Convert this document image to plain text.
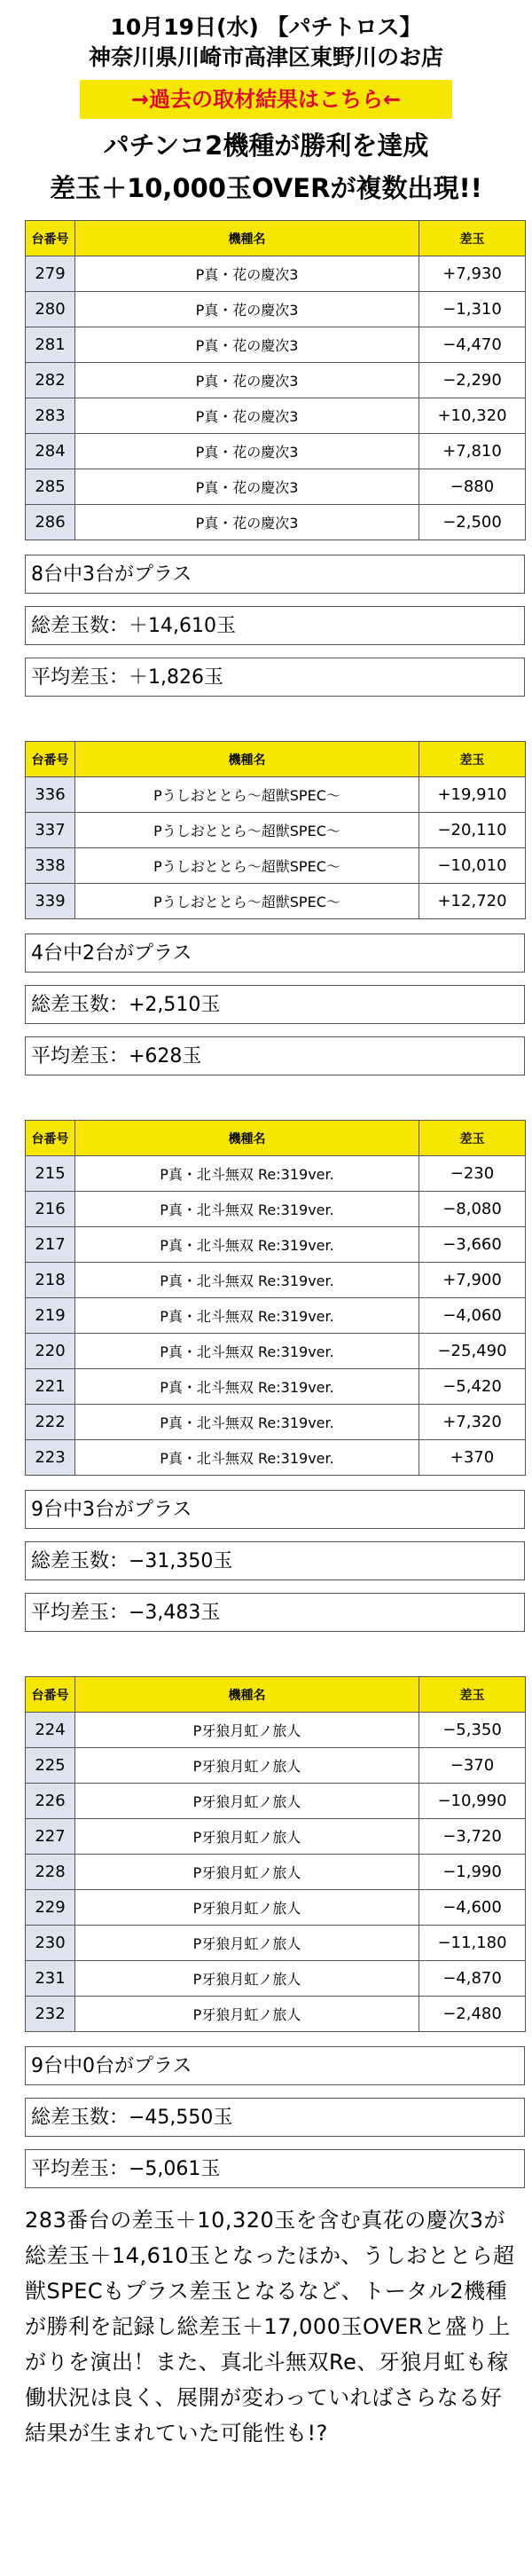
10月19日(水) 【パチトロス】
神奈川県川崎市高津区東野川のお店
→過去の取材結果はこちら←
パチンコ2機種が勝利を達成
差玉＋10,000玉OVERが複数出現!!
台番号	機種名	差玉
279	P真・花の慶次3	+7,930
280	P真・花の慶次3	−1,310
281	P真・花の慶次3	−4,470
282	P真・花の慶次3	−2,290
283	P真・花の慶次3	+10,320
284	P真・花の慶次3	+7,810
285	P真・花の慶次3	−880
286	P真・花の慶次3	−2,500
8台中3台がプラス
総差玉数：＋14,610玉
平均差玉：＋1,826玉
台番号	機種名	差玉
336	Pうしおととら〜超獣SPEC〜	+19,910
337	Pうしおととら〜超獣SPEC〜	−20,110
338	Pうしおととら〜超獣SPEC〜	−10,010
339	Pうしおととら〜超獣SPEC〜	+12,720
4台中2台がプラス
総差玉数：+2,510玉
平均差玉：+628玉
台番号	機種名	差玉
215	P真・北斗無双 Re:319ver.	−230
216	P真・北斗無双 Re:319ver.	−8,080
217	P真・北斗無双 Re:319ver.	−3,660
218	P真・北斗無双 Re:319ver.	+7,900
219	P真・北斗無双 Re:319ver.	−4,060
220	P真・北斗無双 Re:319ver.	−25,490
221	P真・北斗無双 Re:319ver.	−5,420
222	P真・北斗無双 Re:319ver.	+7,320
223	P真・北斗無双 Re:319ver.	+370
9台中3台がプラス
総差玉数：−31,350玉
平均差玉：−3,483玉
台番号	機種名	差玉
224	P牙狼月虹ノ旅人	−5,350
225	P牙狼月虹ノ旅人	−370
226	P牙狼月虹ノ旅人	−10,990
227	P牙狼月虹ノ旅人	−3,720
228	P牙狼月虹ノ旅人	−1,990
229	P牙狼月虹ノ旅人	−4,600
230	P牙狼月虹ノ旅人	−11,180
231	P牙狼月虹ノ旅人	−4,870
232	P牙狼月虹ノ旅人	−2,480
9台中0台がプラス
総差玉数：−45,550玉
平均差玉：−5,061玉
283番台の差玉＋10,320玉を含む真花の慶次3が総差玉＋14,610玉となったほか、うしおととら超獣SPECもプラス差玉となるなど、トータル2機種が勝利を記録し総差玉＋17,000玉OVERと盛り上がりを演出！また、真北斗無双Re、牙狼月虹も稼働状況は良く、展開が変わっていればさらなる好結果が生まれていた可能性も!?
